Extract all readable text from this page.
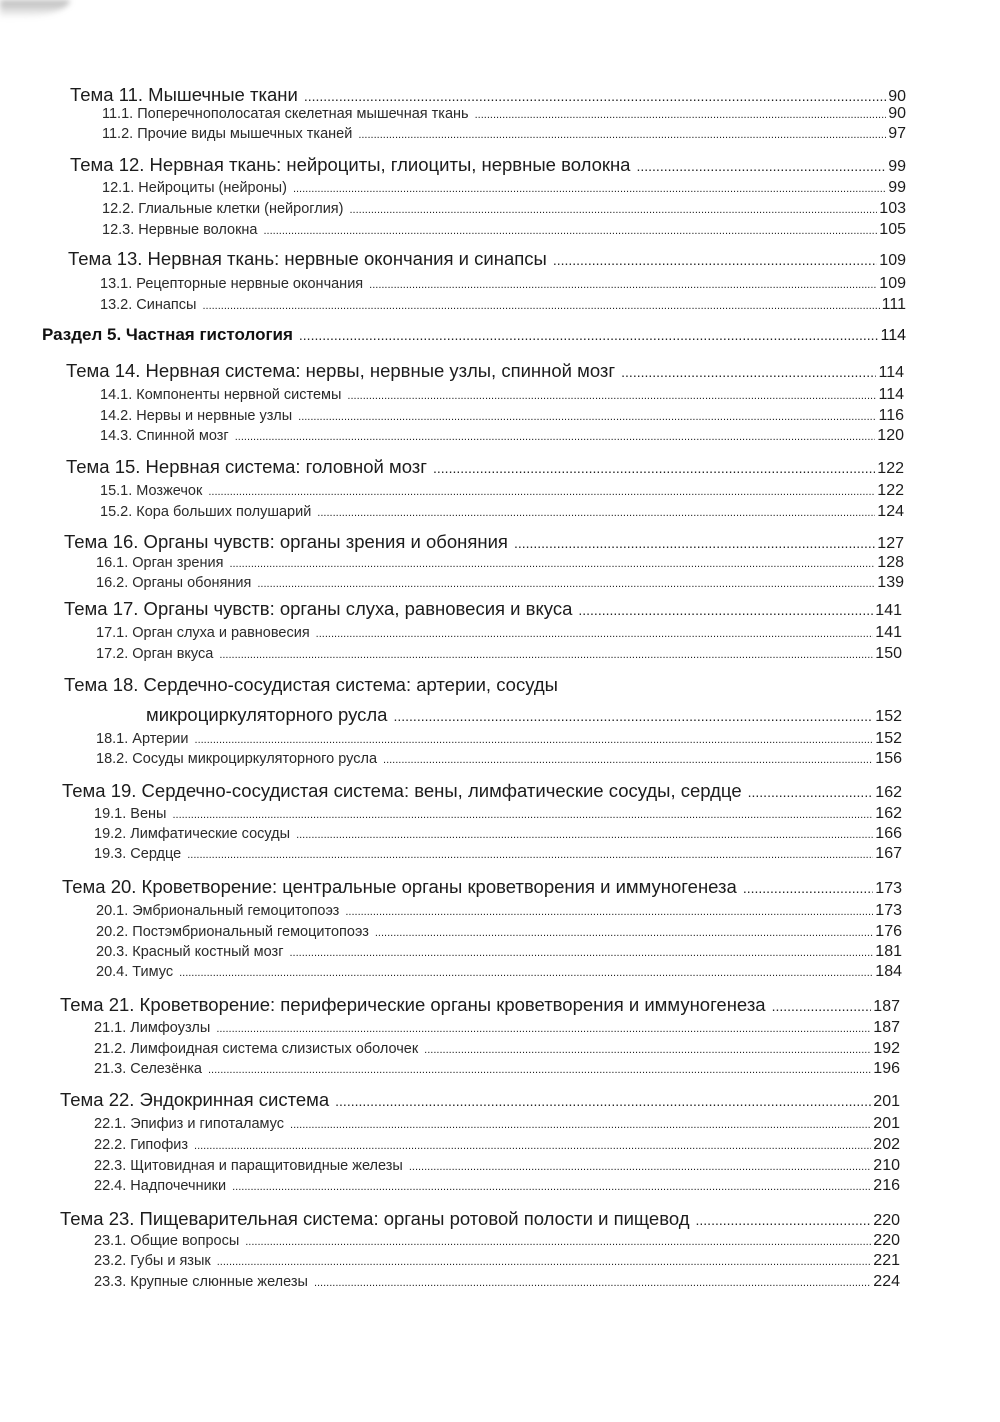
Тема 11. Мышечные ткани .....	90
11.1. Поперечнополосатая скелетная мышечная ткань .....	90
11.2. Прочие виды мышечных тканей .....	97
Тема 12. Нервная ткань: нейроциты, глиоциты, нервные волокна .....	99
12.1. Нейроциты (нейроны) .....	99
12.2. Глиальные клетки (нейроглия) .....	103
12.3. Нервные волокна .....	105
Тема 13. Нервная ткань: нервные окончания и синапсы .....	109
13.1. Рецепторные нервные окончания .....	109
13.2. Синапсы .....	111
Раздел 5. Частная гистология .....	114
Тема 14. Нервная система: нервы, нервные узлы, спинной мозг .....	114
14.1. Компоненты нервной системы .....	114
14.2. Нервы и нервные узлы .....	116
14.3. Спинной мозг .....	120
Тема 15. Нервная система: головной мозг .....	122
15.1. Мозжечок .....	122
15.2. Кора больших полушарий .....	124
Тема 16. Органы чувств: органы зрения и обоняния .....	127
16.1. Орган зрения .....	128
16.2. Органы обоняния .....	139
Тема 17. Органы чувств: органы слуха, равновесия и вкуса .....	141
17.1. Орган слуха и равновесия .....	141
17.2. Орган вкуса .....	150
Тема 18. Сердечно-сосудистая система: артерии, сосуды
микроциркуляторного русла .....	152
18.1. Артерии .....	152
18.2. Сосуды микроциркуляторного русла .....	156
Тема 19. Сердечно-сосудистая система: вены, лимфатические сосуды, сердце .....	162
19.1. Вены .....	162
19.2. Лимфатические сосуды .....	166
19.3. Сердце .....	167
Тема 20. Кроветворение: центральные органы кроветворения и иммуногенеза .....	173
20.1. Эмбриональный гемоцитопоэз .....	173
20.2. Постэмбриональный гемоцитопоэз .....	176
20.3. Красный костный мозг .....	181
20.4. Тимус .....	184
Тема 21. Кроветворение: периферические органы кроветворения и иммуногенеза .....	187
21.1. Лимфоузлы .....	187
21.2. Лимфоидная система слизистых оболочек .....	192
21.3. Селезёнка .....	196
Тема 22. Эндокринная система .....	201
22.1. Эпифиз и гипоталамус .....	201
22.2. Гипофиз .....	202
22.3. Щитовидная и паращитовидные железы .....	210
22.4. Надпочечники .....	216
Тема 23. Пищеварительная система: органы ротовой полости и пищевод .....	220
23.1. Общие вопросы .....	220
23.2. Губы и язык .....	221
23.3. Крупные слюнные железы .....	224
